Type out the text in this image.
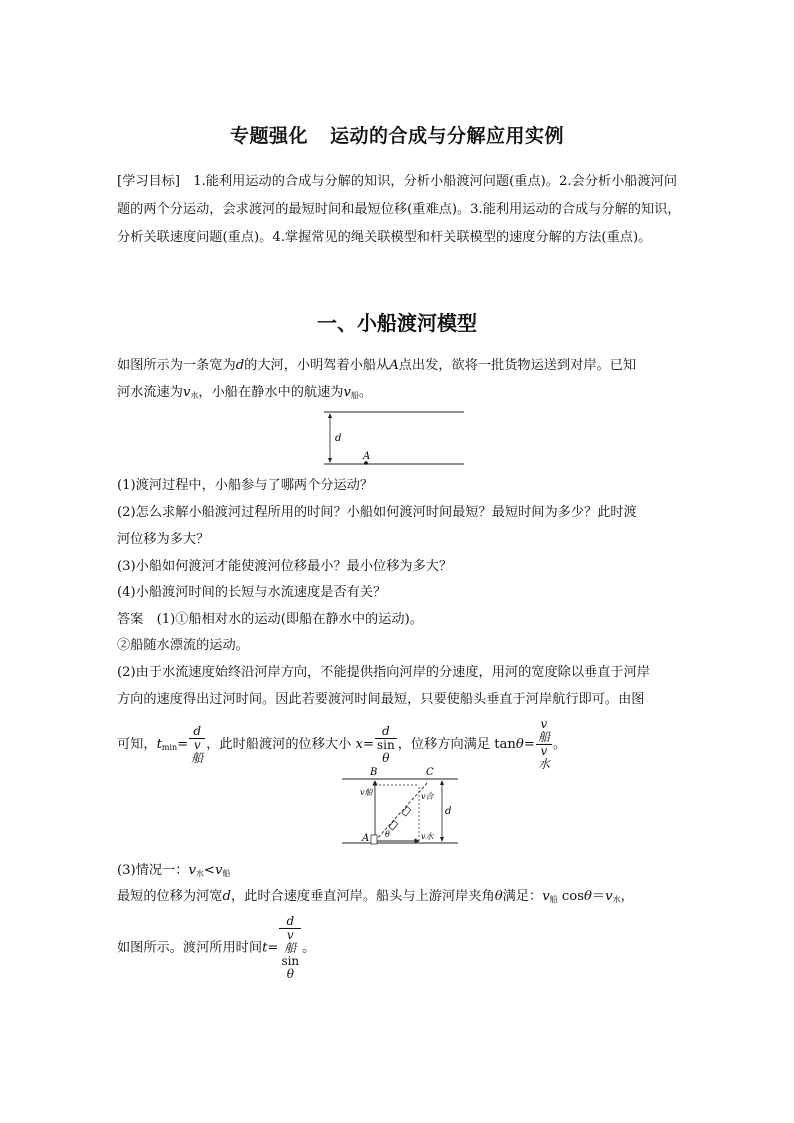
专题强化 运动的合成与分解应用实例

[学习目标]　1.能利用运动的合成与分解的知识，分析小船渡河问题(重点)。2.会分析小船渡河问题的两个分运动，会求渡河的最短时间和最短位移(重难点)。3.能利用运动的合成与分解的知识，分析关联速度问题(重点)。4.掌握常见的绳关联模型和杆关联模型的速度分解的方法(重点)。

一、小船渡河模型
如图所示为一条宽为d的大河，小明驾着小船从A点出发，欲将一批货物运送到对岸。已知
河水流速为$v_水$，小船在静水中的航速为$v_船$。
d
A
(1)渡河过程中，小船参与了哪两个分运动？
(2)怎么求解小船渡河过程所用的时间？小船如何渡河时间最短？最短时间为多少？此时渡
河位移为多大？
(3)小船如何渡河才能使渡河位移最小？最小位移为多大？
(4)小船渡河时间的长短与水流速度是否有关？
答案　 (1)①船相对水的运动(即船在静水中的运动)。
②船随水漂流的运动。
(2)由于水流速度始终沿河岸方向，不能提供指向河岸的分速度，用河的宽度除以垂直于河岸
方向的速度得出过河时间。因此若要渡河时间最短，只要使船头垂直于河岸航行即可。由图
可知，$t_{min}= d$
v
船 ，此时船渡河的位移大小 x= d
sin
θ ，位移方向满足 tanθ= v
船
v
水 。
B	C
d
v船	v合
v水
θ
A
(3)情况一：$v_水<v_船$
最短的位移为河宽d，此时合速度垂直河岸。船头与上游河岸夹角θ满足：$v_船$ $\cos\theta=v_水$，
如图所示。渡河所用时间t= d
v
船
sin
θ 。
